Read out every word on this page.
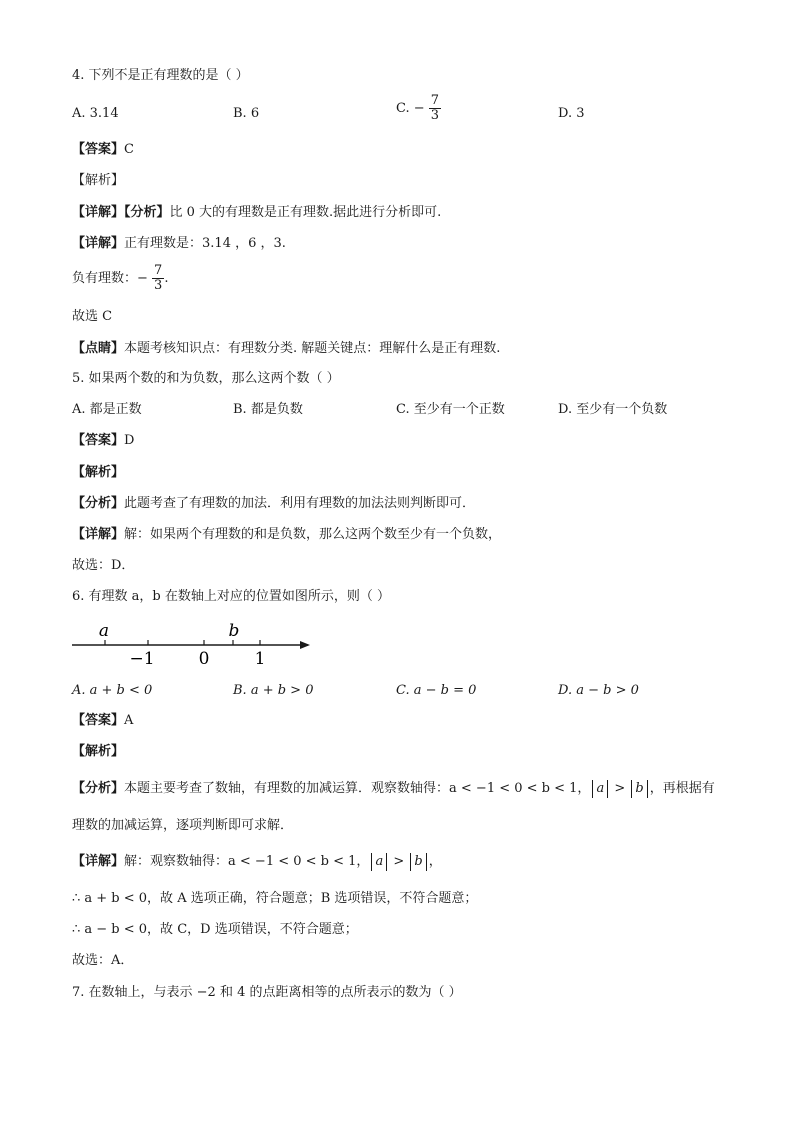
4. 下列不是正有理数的是（ ）
A. 3.14	B. 6	C. − $\frac{7}{3}$	D. 3
【答案】C
【解析】
【详解】【分析】比 0 大的有理数是正有理数.据此进行分析即可.
【详解】正有理数是：3.14 ，6 ，3.
负有理数：− $\frac{7}{3}$ .
故选 C
【点睛】本题考核知识点：有理数分类. 解题关键点：理解什么是正有理数.
5. 如果两个数的和为负数，那么这两个数（ ）
A. 都是正数	B. 都是负数	C. 至少有一个正数	D. 至少有一个负数
【答案】D
【解析】
【分析】此题考查了有理数的加法．利用有理数的加法法则判断即可．
【详解】解：如果两个有理数的和是负数，那么这两个数至少有一个负数，
故选：D．
6. 有理数 a，b 在数轴上对应的位置如图所示，则（ ）
a	b
−1	0	1
A. a + b < 0	B. a + b > 0	C. a − b = 0	D. a − b > 0
【答案】A
【解析】
【分析】本题主要考查了数轴，有理数的加减运算．观察数轴得：a < −1 < 0 < b < 1， a > b ，再根据有
理数的加减运算，逐项判断即可求解．
【详解】解：观察数轴得：a < −1 < 0 < b < 1， a > b ，
∴ a + b < 0，故 A 选项正确，符合题意；B 选项错误，不符合题意；
∴ a − b < 0，故 C，D 选项错误，不符合题意；
故选：A．
7. 在数轴上，与表示 −2 和 4 的点距离相等的点所表示的数为（ ）
